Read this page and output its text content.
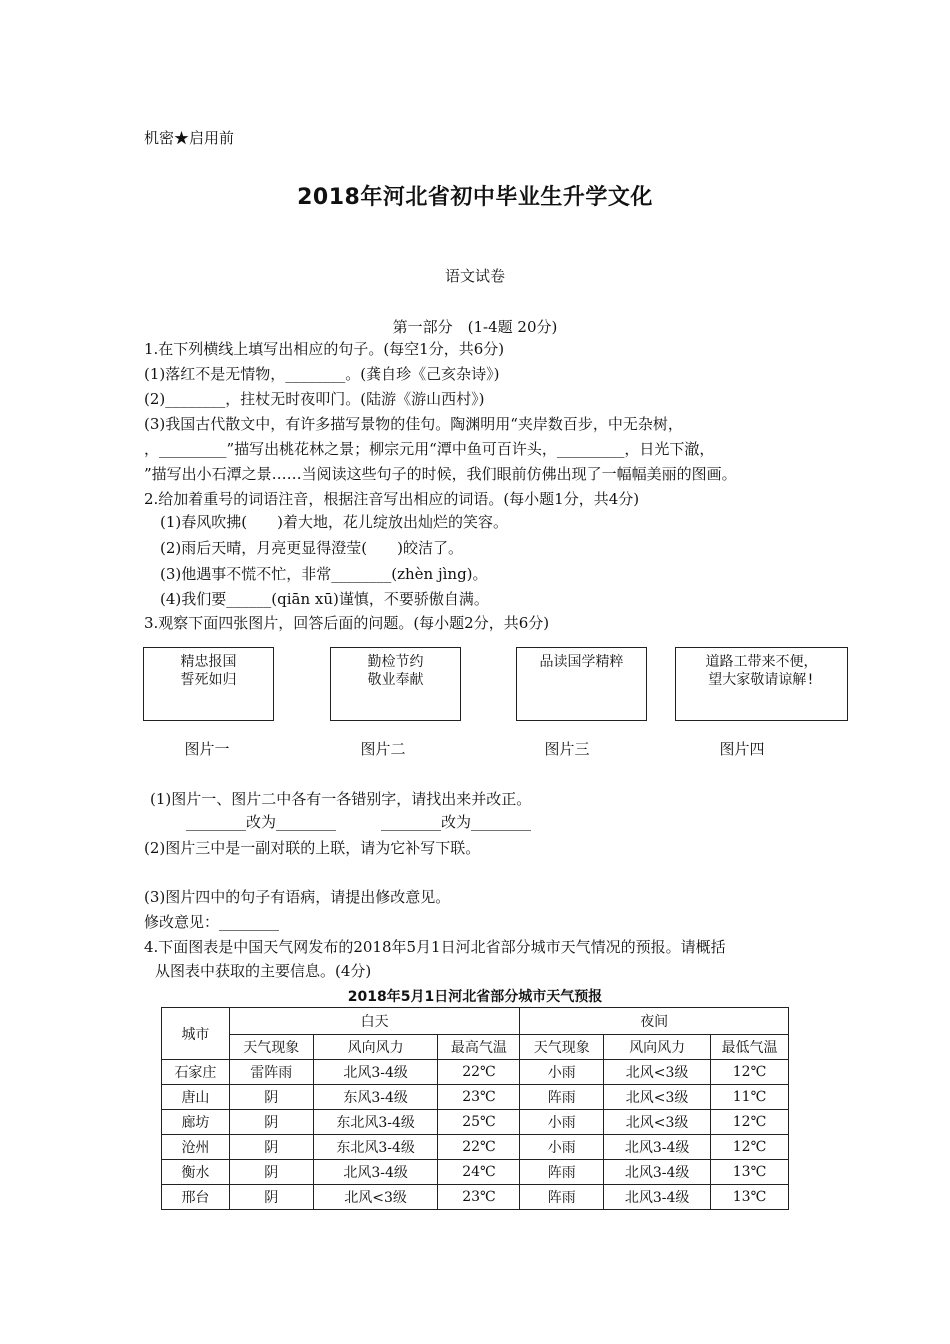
机密★启用前
2018年河北省初中毕业生升学文化
语文试卷
第一部分　(1-4题 20分)
1.在下列横线上填写出相应的句子。(每空1分，共6分)
(1)落红不是无情物，________。(龚自珍《己亥杂诗》)
(2)________，拄杖无时夜叩门。(陆游《游山西村》)
(3)我国古代散文中，有许多描写景物的佳句。陶渊明用“夹岸数百步，中无杂树，
，_________”描写出桃花林之景；柳宗元用“潭中鱼可百许头，_________，日光下澈，
”描写出小石潭之景……当阅读这些句子的时候，我们眼前仿佛出现了一幅幅美丽的图画。
2.给加着重号的词语注音，根据注音写出相应的词语。(每小题1分，共4分)
(1)春风吹拂(　　)着大地，花儿绽放出灿烂的笑容。
(2)雨后天晴，月亮更显得澄莹(　　)皎洁了。
(3)他遇事不慌不忙，非常________(zhèn jìng)。
(4)我们要______(qiān xū)谨慎，不要骄傲自满。
3.观察下面四张图片，回答后面的问题。(每小题2分，共6分)
精忠报国
誓死如归
勤检节约
敬业奉献
品读国学精粹	道路工带来不便，
望大家敬请谅解!
图片一	图片二	图片三	图片四
(1)图片一、图片二中各有一各错别字，请找出来并改正。
________改为________　　　________改为________
(2)图片三中是一副对联的上联，请为它补写下联。
(3)图片四中的句子有语病，请提出修改意见。
修改意见：________
4.下面图表是中国天气网发布的2018年5月1日河北省部分城市天气情况的预报。请概括
从图表中获取的主要信息。(4分)
2018年5月1日河北省部分城市天气预报
城市	白天			夜间		
	天气现象	风向风力	最高气温	天气现象	风向风力	最低气温
石家庄	雷阵雨	北风3-4级	22℃	小雨	北风<3级	12℃
唐山	阴	东风3-4级	23℃	阵雨	北风<3级	11℃
廊坊	阴	东北风3-4级	25℃	小雨	北风<3级	12℃
沧州	阴	东北风3-4级	22℃	小雨	北风3-4级	12℃
衡水	阴	北风3-4级	24℃	阵雨	北风3-4级	13℃
邢台	阴	北风<3级	23℃	阵雨	北风3-4级	13℃
